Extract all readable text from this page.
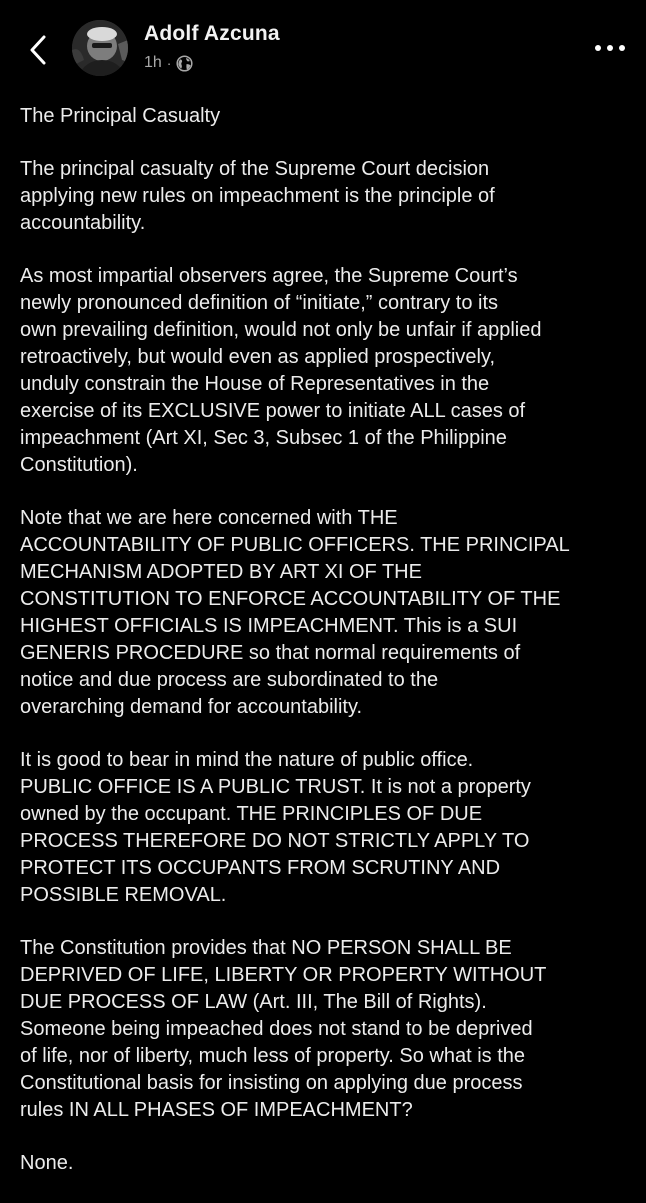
Adolf Azcuna
1h ·

The Principal Casualty

The principal casualty of the Supreme Court decision
applying new rules on impeachment is the principle of
accountability.

As most impartial observers agree, the Supreme Court’s
newly pronounced definition of “initiate,” contrary to its
own prevailing definition, would not only be unfair if applied
retroactively, but would even as applied prospectively,
unduly constrain the House of Representatives in the
exercise of its EXCLUSIVE power to initiate ALL cases of
impeachment (Art XI, Sec 3, Subsec 1 of the Philippine
Constitution).

Note that we are here concerned with THE
ACCOUNTABILITY OF PUBLIC OFFICERS. THE PRINCIPAL
MECHANISM ADOPTED BY ART XI OF THE
CONSTITUTION TO ENFORCE ACCOUNTABILITY OF THE
HIGHEST OFFICIALS IS IMPEACHMENT. This is a SUI
GENERIS PROCEDURE so that normal requirements of
notice and due process are subordinated to the
overarching demand for accountability.

It is good to bear in mind the nature of public office.
PUBLIC OFFICE IS A PUBLIC TRUST. It is not a property
owned by the occupant. THE PRINCIPLES OF DUE
PROCESS THEREFORE DO NOT STRICTLY APPLY TO
PROTECT ITS OCCUPANTS FROM SCRUTINY AND
POSSIBLE REMOVAL.

The Constitution provides that NO PERSON SHALL BE
DEPRIVED OF LIFE, LIBERTY OR PROPERTY WITHOUT
DUE PROCESS OF LAW (Art. III, The Bill of Rights).
Someone being impeached does not stand to be deprived
of life, nor of liberty, much less of property. So what is the
Constitutional basis for insisting on applying due process
rules IN ALL PHASES OF IMPEACHMENT?

None.
